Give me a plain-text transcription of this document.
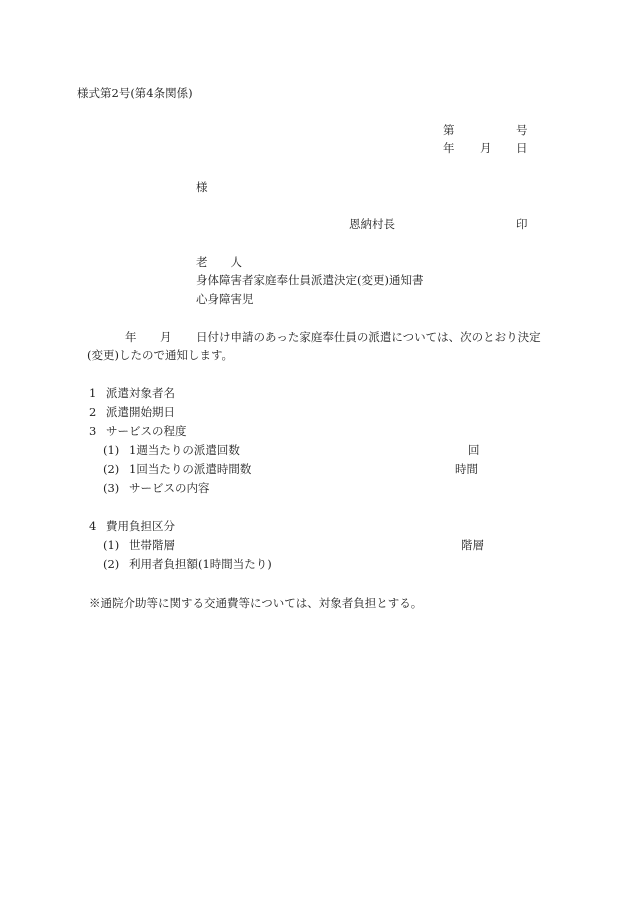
様式第2号(第4条関係)
第	号
年 月 日
様
恩納村長	印
老　　人
身体障害者家庭奉仕員派遣決定(変更)通知書
心身障害児
年 月 日付け申請のあった家庭奉仕員の派遣については、次のとおり決定
(変更)したので通知します。
1 派遣対象者名
2 派遣開始期日
3 サービスの程度
(1) 1週当たりの派遣回数	回
(2) 1回当たりの派遣時間数	時間
(3) サービスの内容
4 費用負担区分
(1) 世帯階層	階層
(2) 利用者負担額(1時間当たり)
※通院介助等に関する交通費等については、対象者負担とする。
